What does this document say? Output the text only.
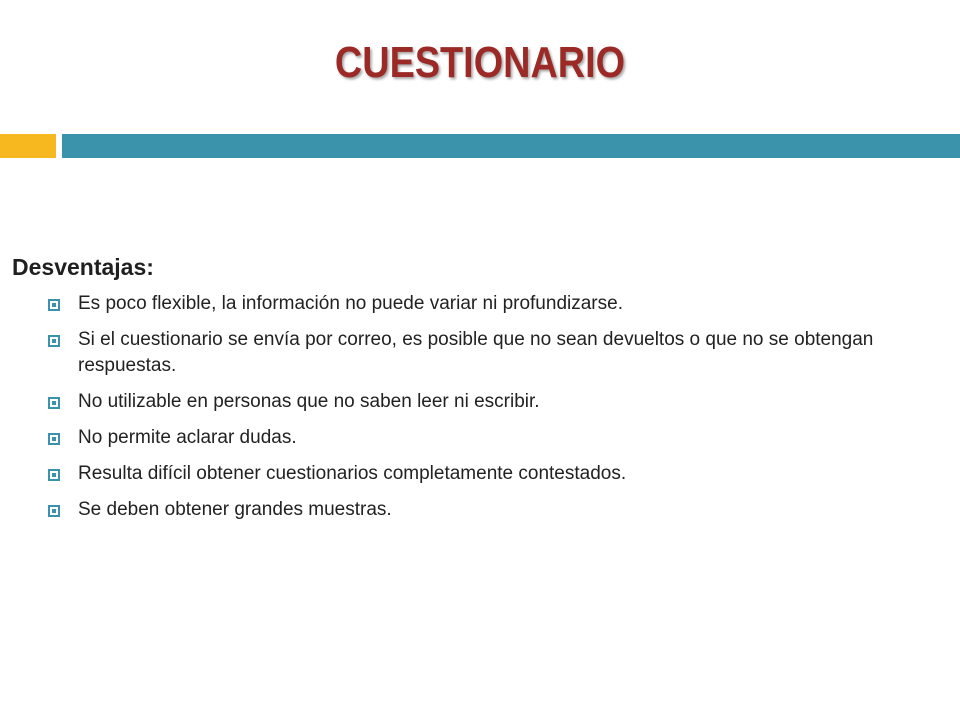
CUESTIONARIO
Desventajas:
Es poco flexible, la información no puede variar ni profundizarse.
Si el cuestionario se envía por correo, es posible que no sean devueltos o que no se obtengan respuestas.
No utilizable en personas que no saben leer ni escribir.
No permite aclarar dudas.
Resulta difícil obtener cuestionarios completamente contestados.
Se deben obtener grandes muestras.
